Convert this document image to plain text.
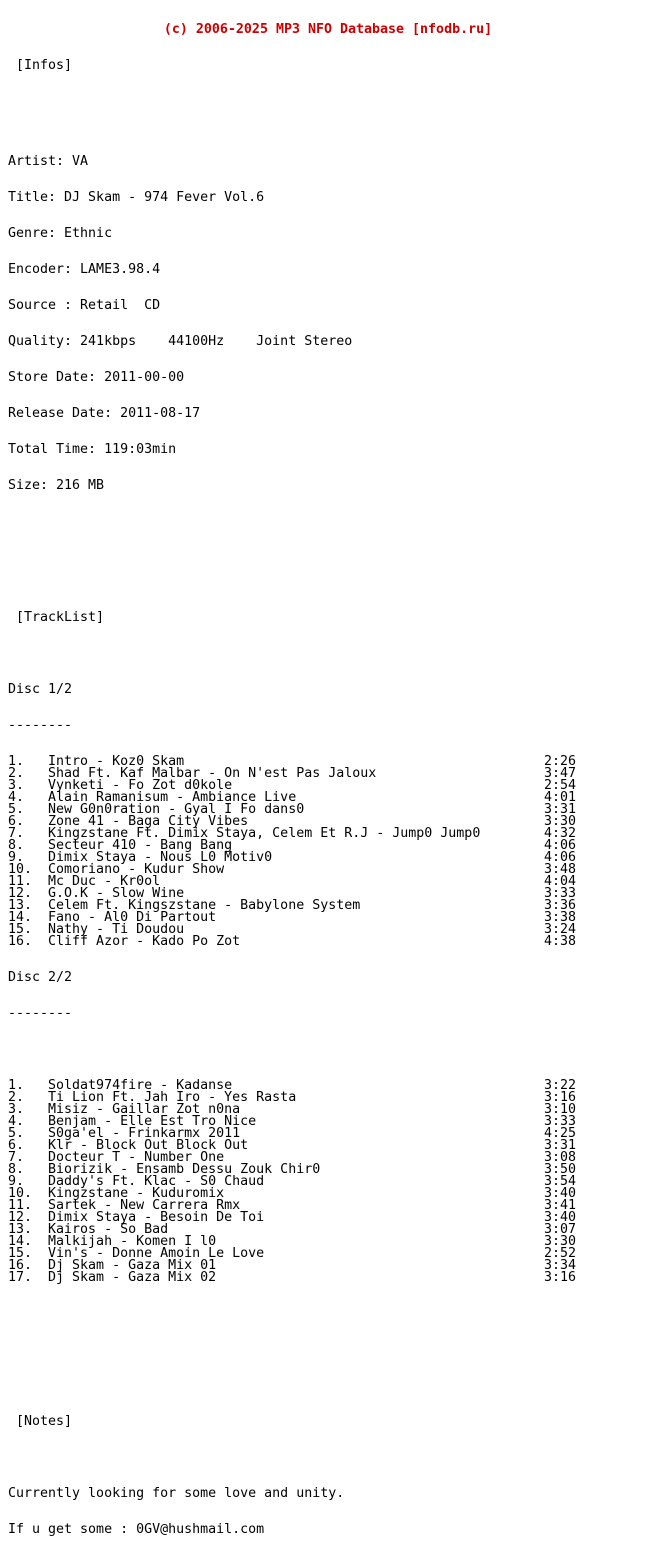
(c) 2006-2025 MP3 NFO Database [nfodb.ru]

[Infos]

Artist: VA

Title: DJ Skam - 974 Fever Vol.6

Genre: Ethnic

Encoder: LAME3.98.4

Source : Retail  CD

Quality: 241kbps    44100Hz    Joint Stereo

Store Date: 2011-00-00

Release Date: 2011-08-17

Total Time: 119:03min

Size: 216 MB

[TrackList]

Disc 1/2

--------

1.   Intro - Koz0 Skam	2:26
2.   Shad Ft. Kaf Malbar - On N'est Pas Jaloux	3:47
3.   Vynketi - Fo Zot d0kole	2:54
4.   Alain Ramanisum - Ambiance Live	4:01
5.   New G0n0ration - Gyal I Fo dans0	3:31
6.   Zone 41 - Baga City Vibes	3:30
7.   Kingzstane Ft. Dimix Staya, Celem Et R.J - Jump0 Jump0	4:32
8.   Secteur 410 - Bang Bang	4:06
9.   Dimix Staya - Nous L0 Motiv0	4:06
10.  Comoriano - Kudur Show	3:48
11.  Mc Duc - Kr0ol	4:04
12.  G.O.K - Slow Wine	3:33
13.  Celem Ft. Kingszstane - Babylone System	3:36
14.  Fano - Al0 Di Partout	3:38
15.  Nathy - Ti Doudou	3:24
16.  Cliff Azor - Kado Po Zot	4:38

Disc 2/2

--------

1.   Soldat974fire - Kadanse	3:22
2.   Ti Lion Ft. Jah Iro - Yes Rasta	3:16
3.   Misiz - Gaillar Zot n0na	3:10
4.   Benjam - Elle Est Tro Nice	3:33
5.   S0ga'el - Frinkarmx 2011	4:25
6.   Klr - Block Out Block Out	3:31
7.   Docteur T - Number One	3:08
8.   Biorizik - Ensamb Dessu Zouk Chir0	3:50
9.   Daddy's Ft. Klac - S0 Chaud	3:54
10.  Kingzstane - Kuduromix	3:40
11.  Sartek - New Carrera Rmx	3:41
12.  Dimix Staya - Besoin De Toi	3:40
13.  Kairos - So Bad	3:07
14.  Malkijah - Komen I l0	3:30
15.  Vin's - Donne Amoin Le Love	2:52
16.  Dj Skam - Gaza Mix 01	3:34
17.  Dj Skam - Gaza Mix 02	3:16

[Notes]

Currently looking for some love and unity.

If u get some : 0GV@hushmail.com
